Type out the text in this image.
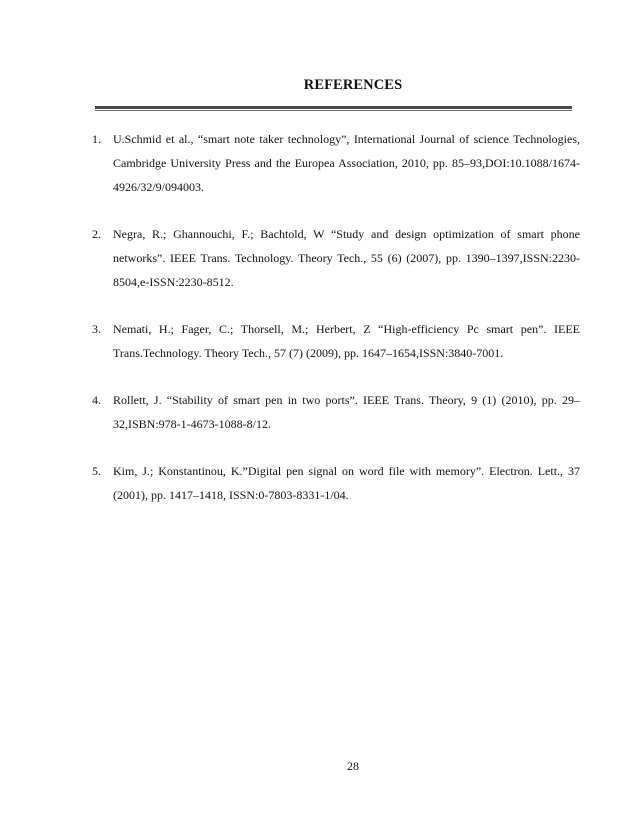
REFERENCES
1. U.Schmid et al., “smart note taker technology”, International Journal of science Technologies, Cambridge University Press and the Europea Association, 2010, pp. 85–93,DOI:10.1088/1674-4926/32/9/094003.
2. Negra, R.; Ghannouchi, F.; Bachtold, W “Study and design optimization of smart phone networks”. IEEE Trans. Technology. Theory Tech., 55 (6) (2007), pp. 1390–1397,ISSN:2230-8504,e-ISSN:2230-8512.
3. Nemati, H.; Fager, C.; Thorsell, M.; Herbert, Z “High-efficiency Pc smart pen”. IEEE Trans.Technology. Theory Tech., 57 (7) (2009), pp. 1647–1654,ISSN:3840-7001.
4. Rollett, J. “Stability of smart pen in two ports”. IEEE Trans. Theory, 9 (1) (2010), pp. 29–32,ISBN:978-1-4673-1088-8/12.
5. Kim, J.; Konstantinou, K.”Digital pen signal on word file with memory”. Electron. Lett., 37 (2001), pp. 1417–1418, ISSN:0-7803-8331-1/04.
28
